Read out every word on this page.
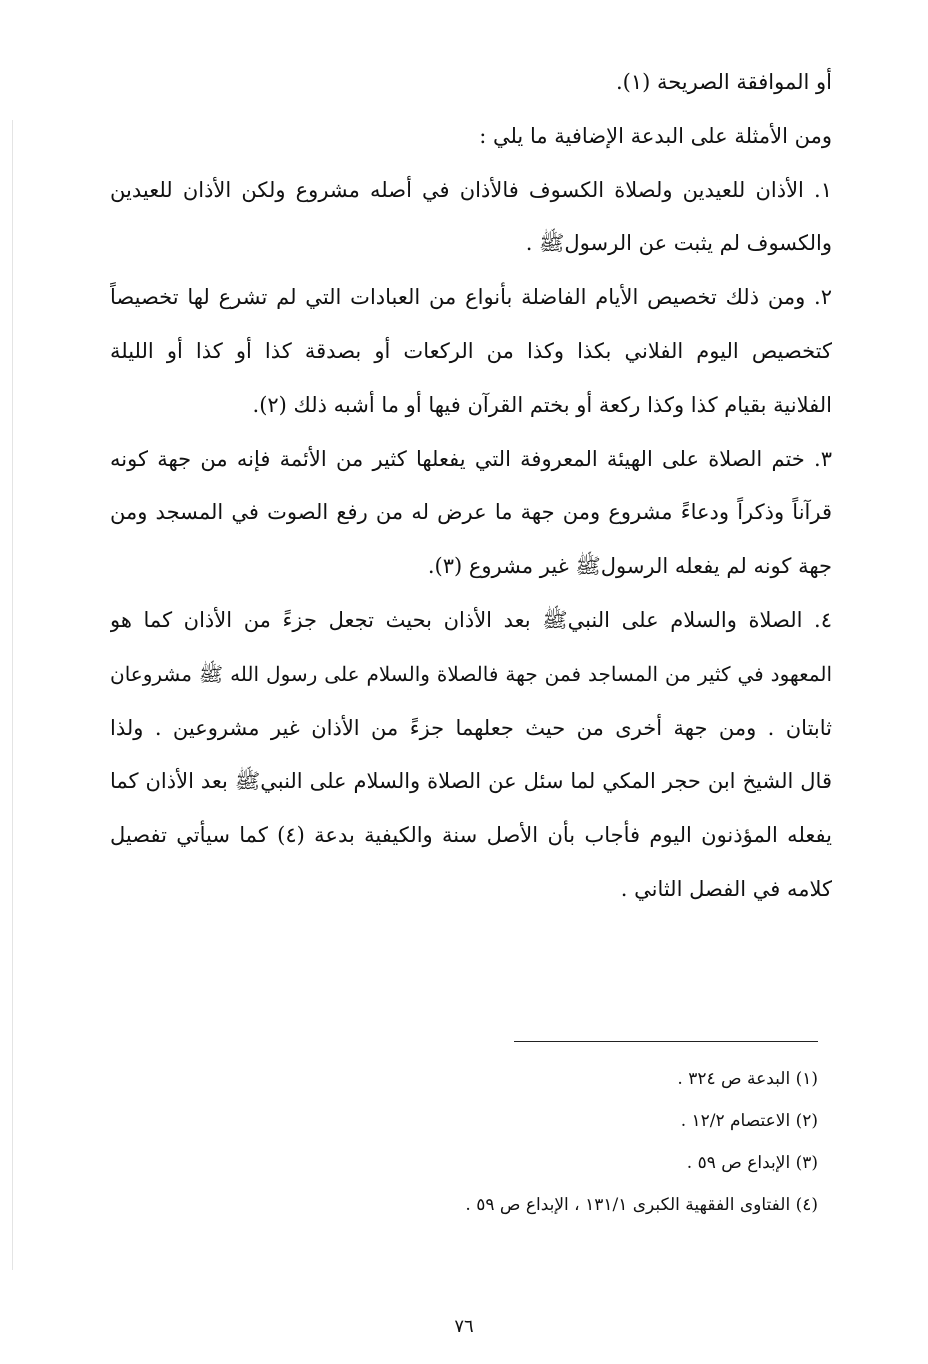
أو الموافقة الصريحة (١).

ومن الأمثلة على البدعة الإضافية ما يلي :

١. الأذان للعيدين ولصلاة الكسوف فالأذان في أصله مشروع ولكن الأذان للعيدين

والكسوف لم يثبت عن الرسولﷺ .

٢. ومن ذلك تخصيص الأيام الفاضلة بأنواع من العبادات التي لم تشرع لها تخصيصاً

كتخصيص اليوم الفلاني بكذا وكذا من الركعات أو بصدقة كذا أو كذا أو الليلة

الفلانية بقيام كذا وكذا ركعة أو بختم القرآن فيها أو ما أشبه ذلك (٢).

٣. ختم الصلاة على الهيئة المعروفة التي يفعلها كثير من الأئمة فإنه من جهة كونه

قرآناً وذكراً ودعاءً مشروع ومن جهة ما عرض له من رفع الصوت في المسجد ومن

جهة كونه لم يفعله الرسولﷺ غير مشروع (٣).

٤. الصلاة والسلام على النبيﷺ بعد الأذان بحيث تجعل جزءً من الأذان كما هو

المعهود في كثير من المساجد فمن جهة فالصلاة والسلام على رسول الله ﷺ مشروعان

ثابتان . ومن جهة أخرى من حيث جعلهما جزءً من الأذان غير مشروعين . ولذا

قال الشيخ ابن حجر المكي لما سئل عن الصلاة والسلام على النبيﷺ بعد الأذان كما

يفعله المؤذنون اليوم فأجاب بأن الأصل سنة والكيفية بدعة (٤) كما سيأتي تفصيل

كلامه في الفصل الثاني .

(١) البدعة ص ٣٢٤ .
(٢) الاعتصام ١٢/٢ .
(٣) الإبداع ص ٥٩ .
(٤) الفتاوى الفقهية الكبرى ١٣١/١ ، الإبداع ص ٥٩ .
٧٦
